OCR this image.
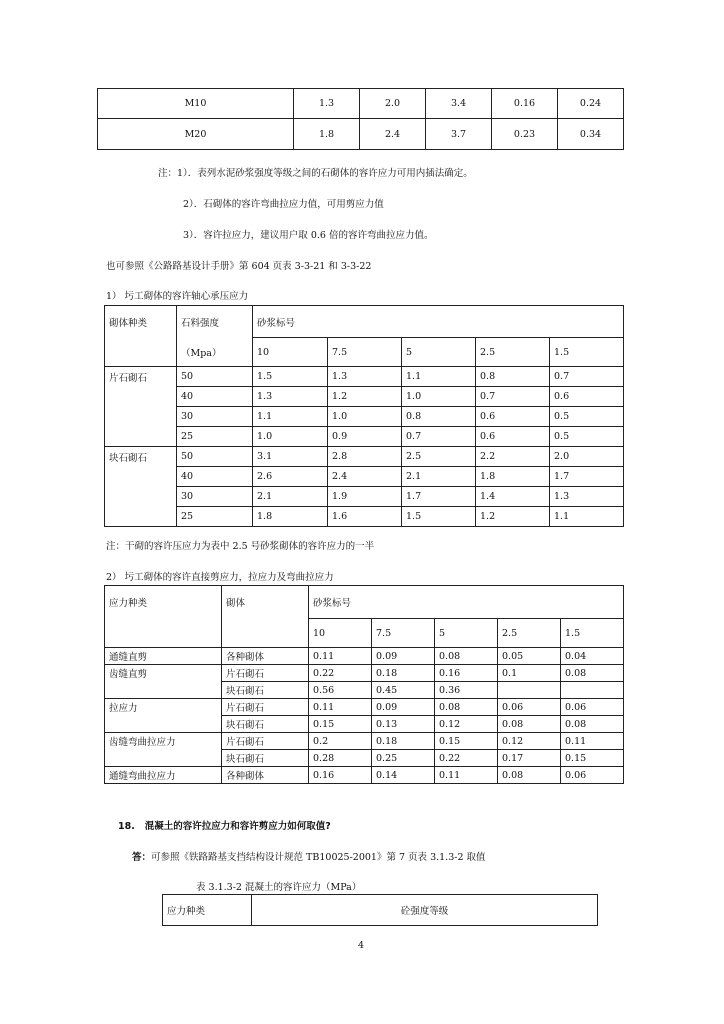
M10	1.3	2.0	3.4	0.16	0.24
M20	1.8	2.4	3.7	0.23	0.34
注：1）．表列水泥砂浆强度等级之间的石砌体的容许应力可用内插法确定。
2）．石砌体的容许弯曲拉应力值，可用剪应力值
3）．容许拉应力，建议用户取 0.6 倍的容许弯曲拉应力值。
也可参照《公路路基设计手册》第 604 页表 3-3-21 和 3-3-22
1） 圬工砌体的容许轴心承压应力
砌体种类	石料强度	砂浆标号				
	（Mpa）	10	7.5	5	2.5	1.5
片石砌石	50	1.5	1.3	1.1	0.8	0.7
	40	1.3	1.2	1.0	0.7	0.6
	30	1.1	1.0	0.8	0.6	0.5
	25	1.0	0.9	0.7	0.6	0.5
块石砌石	50	3.1	2.8	2.5	2.2	2.0
	40	2.6	2.4	2.1	1.8	1.7
	30	2.1	1.9	1.7	1.4	1.3
	25	1.8	1.6	1.5	1.2	1.1
注：干砌的容许压应力为表中 2.5 号砂浆砌体的容许应力的一半
2） 圬工砌体的容许直接剪应力，拉应力及弯曲拉应力
应力种类	砌体	砂浆标号				
		10	7.5	5	2.5	1.5
通缝直剪	各种砌体	0.11	0.09	0.08	0.05	0.04
齿缝直剪	片石砌石	0.22	0.18	0.16	0.1	0.08
	块石砌石	0.56	0.45	0.36		
拉应力	片石砌石	0.11	0.09	0.08	0.06	0.06
	块石砌石	0.15	0.13	0.12	0.08	0.08
齿缝弯曲拉应力	片石砌石	0.2	0.18	0.15	0.12	0.11
	块石砌石	0.28	0.25	0.22	0.17	0.15
通缝弯曲拉应力	各种砌体	0.16	0.14	0.11	0.08	0.06
18. 混凝土的容许拉应力和容许剪应力如何取值?
答：可参照《铁路路基支挡结构设计规范 TB10025-2001》第 7 页表 3.1.3-2 取值
表 3.1.3-2 混凝土的容许应力（MPa）
应力种类	砼强度等级
4
